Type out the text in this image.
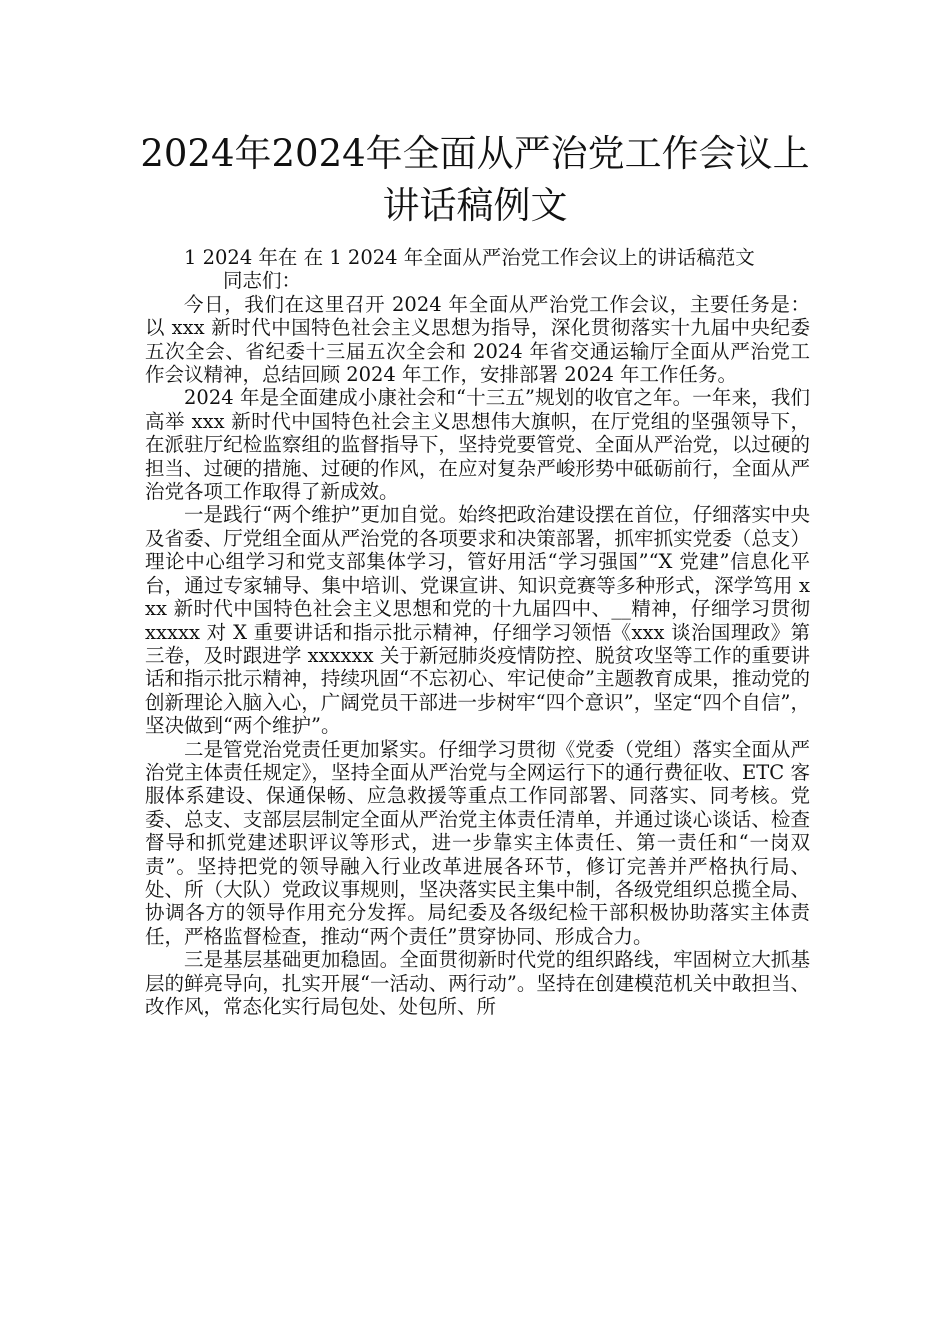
2024年2024年全面从严治党工作会议上讲话稿例文

1 2024 年在 在 1 2024 年全面从严治党工作会议上的讲话稿范文

同志们：

今日，我们在这里召开 2024 年全面从严治党工作会议，主要任务是：以 xxx 新时代中国特色社会主义思想为指导，深化贯彻落实十九届中央纪委五次全会、省纪委十三届五次全会和 2024 年省交通运输厅全面从严治党工作会议精神，总结回顾 2024 年工作，安排部署 2024 年工作任务。

2024 年是全面建成小康社会和“十三五”规划的收官之年。一年来，我们高举 xxx 新时代中国特色社会主义思想伟大旗帜，在厅党组的坚强领导下，在派驻厅纪检监察组的监督指导下，坚持党要管党、全面从严治党，以过硬的担当、过硬的措施、过硬的作风，在应对复杂严峻形势中砥砺前行，全面从严治党各项工作取得了新成效。

一是践行“两个维护”更加自觉。始终把政治建设摆在首位，仔细落实中央及省委、厅党组全面从严治党的各项要求和决策部署，抓牢抓实党委（总支）理论中心组学习和党支部集体学习，管好用活“学习强国”“X 党建”信息化平台，通过专家辅导、集中培训、党课宣讲、知识竞赛等多种形式，深学笃用 xxx 新时代中国特色社会主义思想和党的十九届四中、__精神，仔细学习贯彻 xxxxx 对 X 重要讲话和指示批示精神，仔细学习领悟《xxx 谈治国理政》第三卷，及时跟进学 xxxxxx 关于新冠肺炎疫情防控、脱贫攻坚等工作的重要讲话和指示批示精神，持续巩固“不忘初心、牢记使命”主题教育成果，推动党的创新理论入脑入心，广阔党员干部进一步树牢“四个意识”，坚定“四个自信”，坚决做到“两个维护”。

二是管党治党责任更加紧实。仔细学习贯彻《党委（党组）落实全面从严治党主体责任规定》，坚持全面从严治党与全网运行下的通行费征收、ETC 客服体系建设、保通保畅、应急救援等重点工作同部署、同落实、同考核。党委、总支、支部层层制定全面从严治党主体责任清单，并通过谈心谈话、检查督导和抓党建述职评议等形式，进一步靠实主体责任、第一责任和“一岗双责”。坚持把党的领导融入行业改革进展各环节，修订完善并严格执行局、处、所（大队）党政议事规则，坚决落实民主集中制，各级党组织总揽全局、协调各方的领导作用充分发挥。局纪委及各级纪检干部积极协助落实主体责任，严格监督检查，推动“两个责任”贯穿协同、形成合力。

三是基层基础更加稳固。全面贯彻新时代党的组织路线，牢固树立大抓基层的鲜亮导向，扎实开展“一活动、两行动”。坚持在创建模范机关中敢担当、改作风，常态化实行局包处、处包所、所
